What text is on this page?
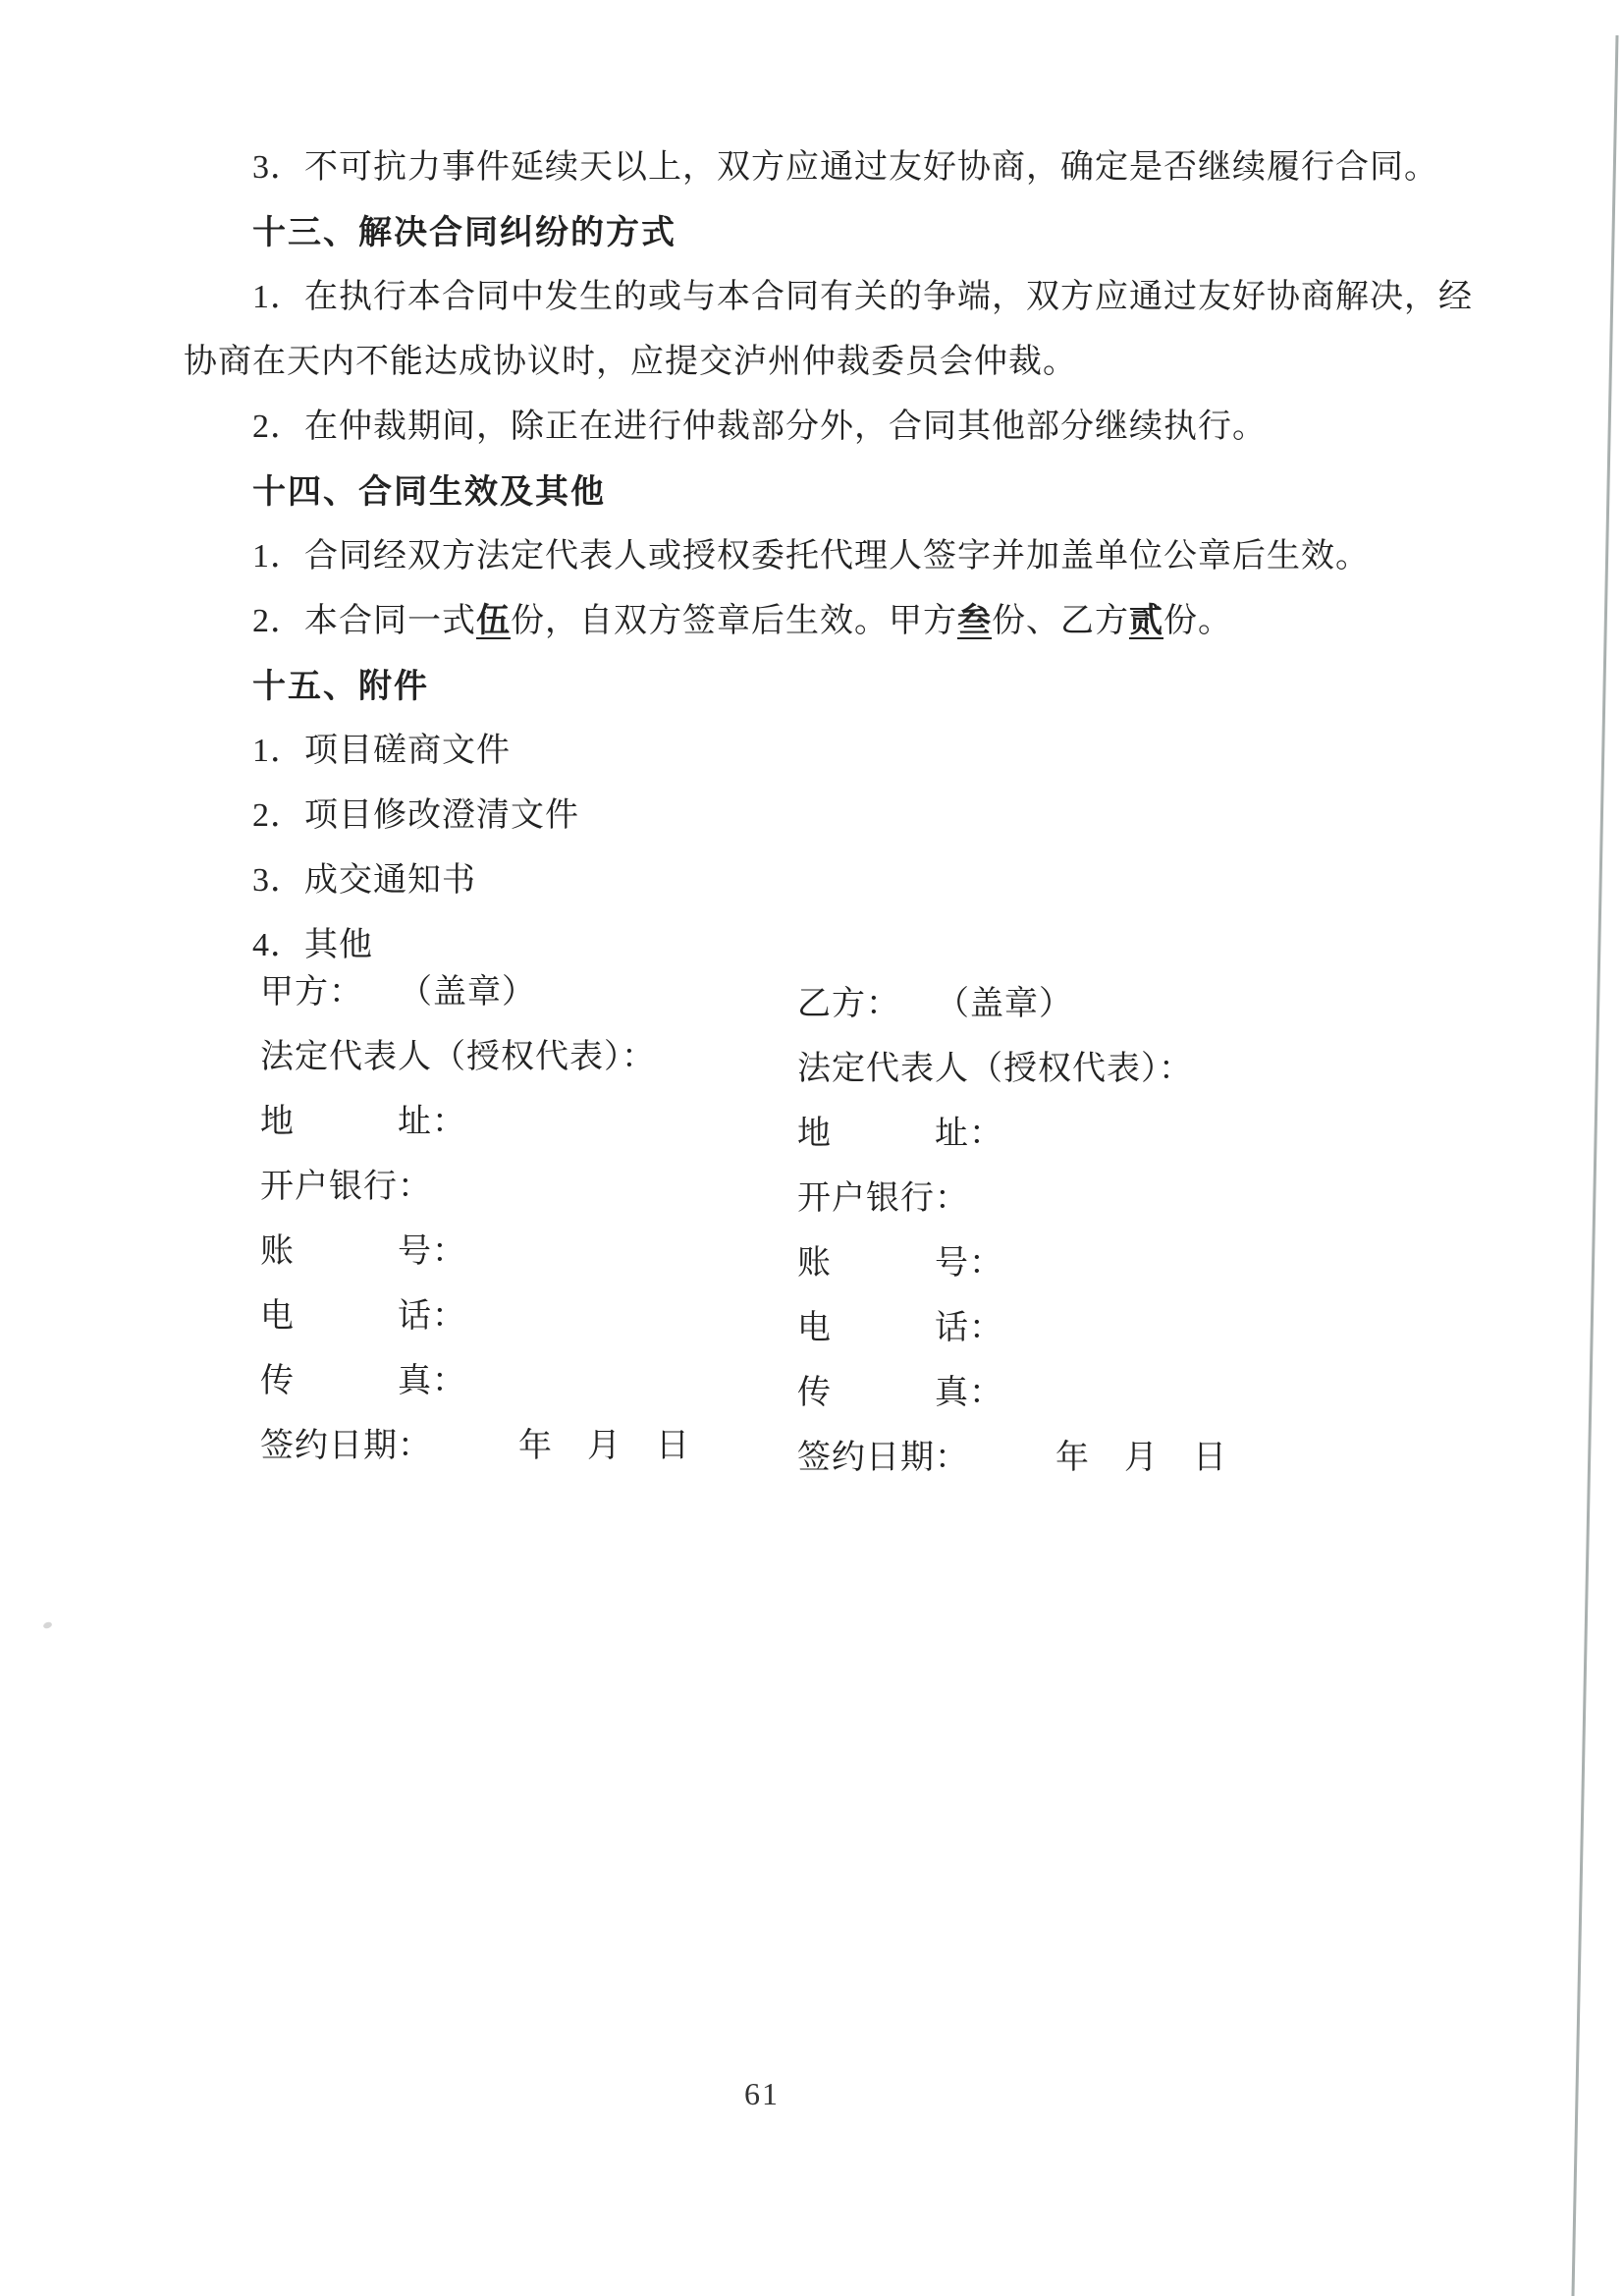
3．不可抗力事件延续天以上，双方应通过友好协商，确定是否继续履行合同。

十三、解决合同纠纷的方式

1．在执行本合同中发生的或与本合同有关的争端，双方应通过友好协商解决，经

协商在天内不能达成协议时，应提交泸州仲裁委员会仲裁。

2．在仲裁期间，除正在进行仲裁部分外，合同其他部分继续执行。

十四、合同生效及其他

1．合同经双方法定代表人或授权委托代理人签字并加盖单位公章后生效。

2．本合同一式伍份，自双方签章后生效。甲方叁份、乙方贰份。

十五、附件

1．项目磋商文件

2．项目修改澄清文件

3．成交通知书

4．其他

甲方：　　（盖章）

法定代表人（授权代表）：

地　　　址：

开户银行：

账　　　号：

电　　　话：

传　　　真：

签约日期：　　　年　月　日

乙方：　　（盖章）

法定代表人（授权代表）：

地　　　址：

开户银行：

账　　　号：

电　　　话：

传　　　真：

签约日期：　　　年　月　日

61
